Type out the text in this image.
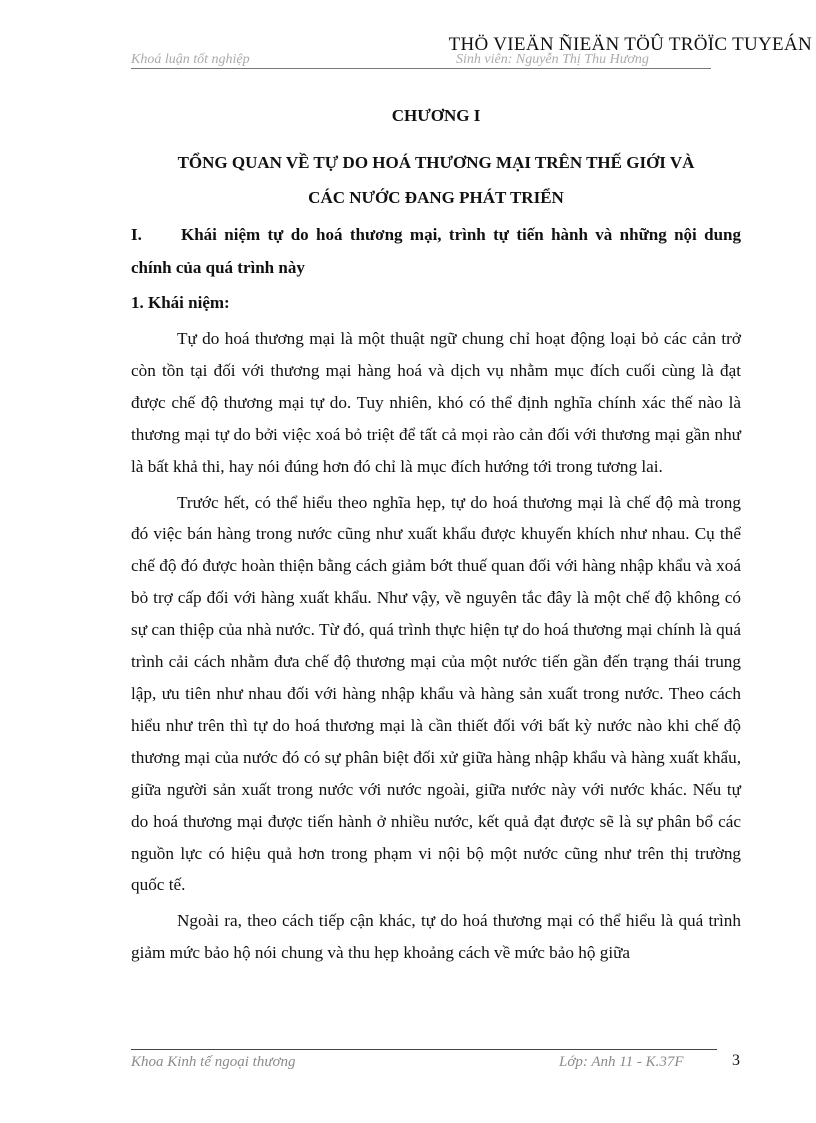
THÖ VIEÄN ÑIEÄN TÖÛ TRÖÏC TUYEÁN
Khoá luận tốt nghiệp	Sinh viên: Nguyễn Thị Thu Hương
CHƯƠNG I
TỔNG QUAN VỀ TỰ DO HOÁ THƯƠNG MẠI TRÊN THẾ GIỚI VÀ
CÁC NƯỚC ĐANG PHÁT TRIỂN
I. Khái niệm tự do hoá thương mại, trình tự tiến hành và những nội dung chính của quá trình này
1. Khái niệm:

Tự do hoá thương mại là một thuật ngữ chung chỉ hoạt động loại bỏ các cản trở còn tồn tại đối với thương mại hàng hoá và dịch vụ nhằm mục đích cuối cùng là đạt được chế độ thương mại tự do. Tuy nhiên, khó có thể định nghĩa chính xác thế nào là thương mại tự do bởi việc xoá bỏ triệt để tất cả mọi rào cản đối với thương mại gần như là bất khả thi, hay nói đúng hơn đó chỉ là mục đích hướng tới trong tương lai.

Trước hết, có thể hiểu theo nghĩa hẹp, tự do hoá thương mại là chế độ mà trong đó việc bán hàng trong nước cũng như xuất khẩu được khuyến khích như nhau. Cụ thể chế độ đó được hoàn thiện bằng cách giảm bớt thuế quan đối với hàng nhập khẩu và xoá bỏ trợ cấp đối với hàng xuất khẩu. Như vậy, về nguyên tắc đây là một chế độ không có sự can thiệp của nhà nước. Từ đó, quá trình thực hiện tự do hoá thương mại chính là quá trình cải cách nhằm đưa chế độ thương mại của một nước tiến gần đến trạng thái trung lập, ưu tiên như nhau đối với hàng nhập khẩu và hàng sản xuất trong nước. Theo cách hiểu như trên thì tự do hoá thương mại là cần thiết đối với bất kỳ nước nào khi chế độ thương mại của nước đó có sự phân biệt đối xử giữa hàng nhập khẩu và hàng xuất khẩu, giữa người sản xuất trong nước với nước ngoài, giữa nước này với nước khác. Nếu tự do hoá thương mại được tiến hành ở nhiều nước, kết quả đạt được sẽ là sự phân bổ các nguồn lực có hiệu quả hơn trong phạm vi nội bộ một nước cũng như trên thị trường quốc tế.

Ngoài ra, theo cách tiếp cận khác, tự do hoá thương mại có thể hiểu là quá trình giảm mức bảo hộ nói chung và thu hẹp khoảng cách về mức bảo hộ giữa

Khoa Kinh tế ngoại thương	Lớp: Anh 11 - K.37F	3
